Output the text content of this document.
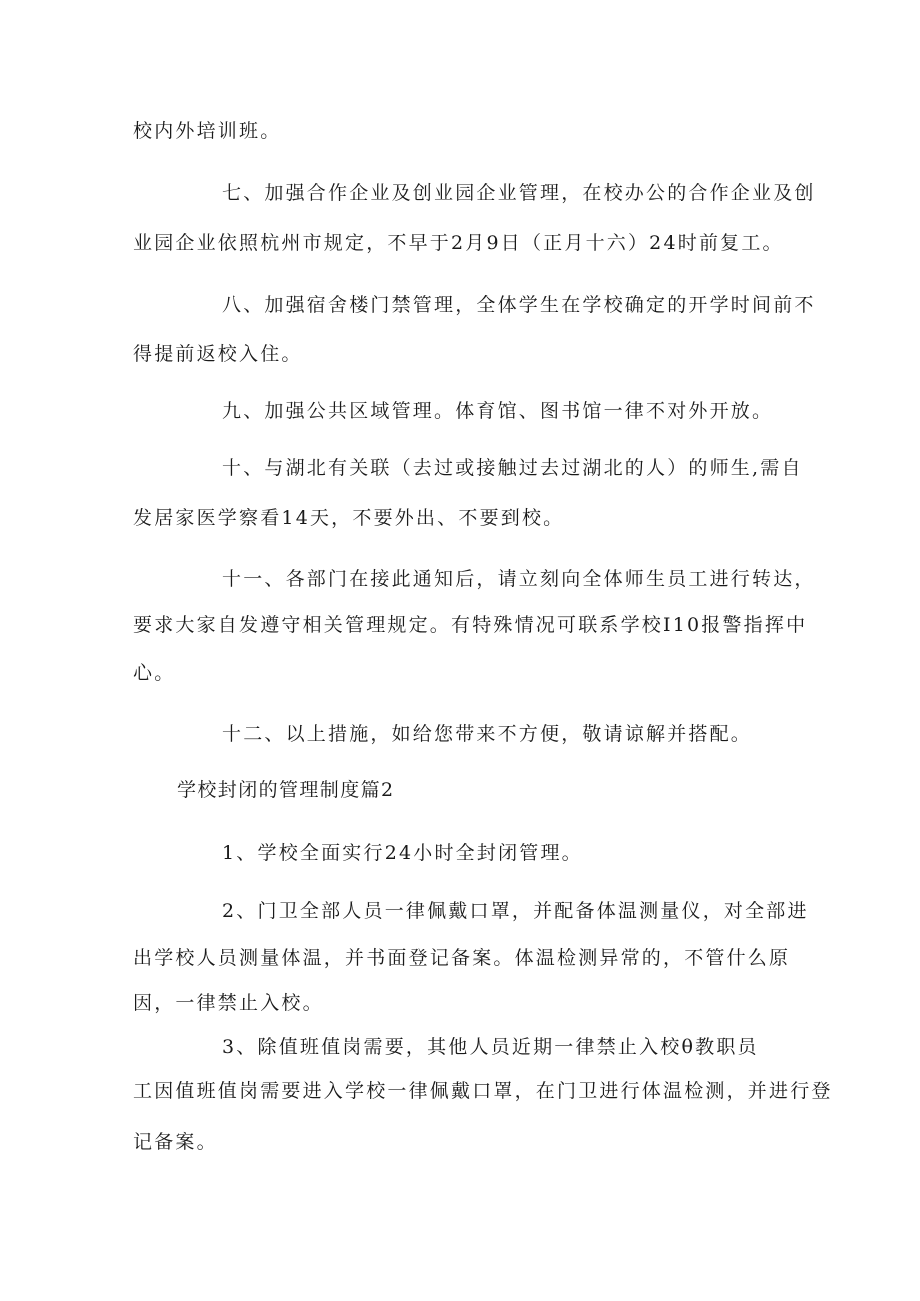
校内外培训班。
七、加强合作企业及创业园企业管理，在校办公的合作企业及创
业园企业依照杭州市规定，不早于2月9日（正月十六）24时前复工。
八、加强宿舍楼门禁管理，全体学生在学校确定的开学时间前不
得提前返校入住。
九、加强公共区域管理。体育馆、图书馆一律不对外开放。
十、与湖北有关联（去过或接触过去过湖北的人）的师生,需自
发居家医学察看14天，不要外出、不要到校。
十一、各部门在接此通知后，请立刻向全体师生员工进行转达，
要求大家自发遵守相关管理规定。有特殊情况可联系学校I10报警指挥中
心。
十二、以上措施，如给您带来不方便，敬请谅解并搭配。
学校封闭的管理制度篇2
1、学校全面实行24小时全封闭管理。
2、门卫全部人员一律佩戴口罩，并配备体温测量仪，对全部进
出学校人员测量体温，并书面登记备案。体温检测异常的，不管什么原
因，一律禁止入校。
3、除值班值岗需要，其他人员近期一律禁止入校θ教职员
工因值班值岗需要进入学校一律佩戴口罩，在门卫进行体温检测，并进行登
记备案。
